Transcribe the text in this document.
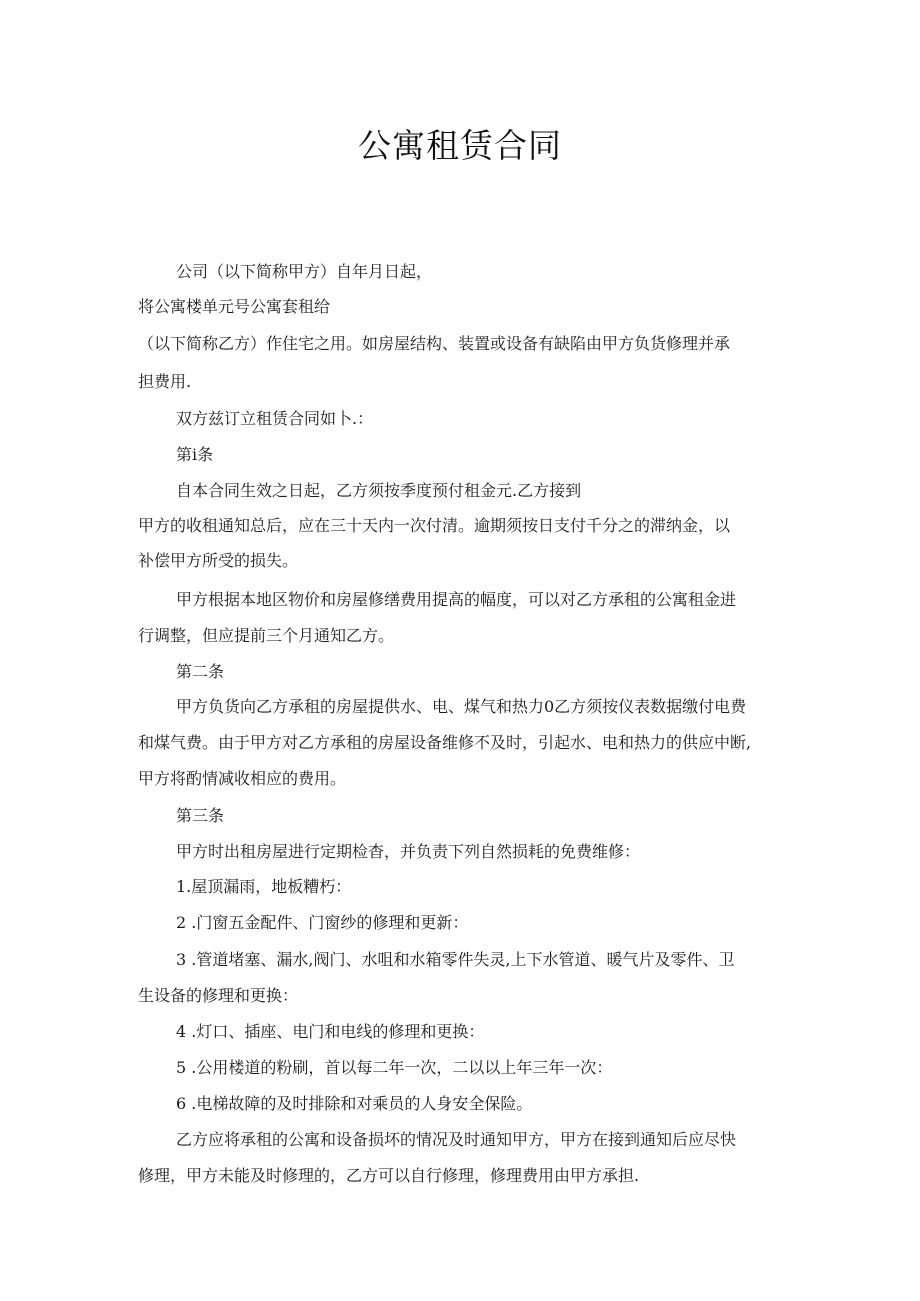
公寓租赁合同
公司（以下简称甲方）自年月日起，
将公寓楼单元号公寓套租给
（以下简称乙方）作住宅之用。如房屋结构、装置或设备有缺陷由甲方负货修理并承
担费用.
双方兹订立租赁合同如卜.：
第i条
自本合同生效之日起，乙方须按季度预付租金元.乙方接到
甲方的收租通知总后，应在三十天内一次付清。逾期须按日支付千分之的滞纳金，以
补偿甲方所受的损失。
甲方根据本地区物价和房屋修缮费用提高的幅度，可以对乙方承租的公寓租金进
行调整，但应提前三个月通知乙方。
第二条
甲方负货向乙方承租的房屋提供水、电、煤气和热力0乙方须按仪表数据缴付电费
和煤气费。由于甲方对乙方承租的房屋设备维修不及时，引起水、电和热力的供应中断,
甲方将酌情减收相应的费用。
第三条
甲方时出租房屋进行定期检杳，并负责下列自然损耗的免费维修：
1.屋顶漏雨，地板糟朽：
2 .门窗五金配件、门窗纱的修理和更新：
3 .管道堵塞、漏水,阀门、水咀和水箱零件失灵,上下水管道、暖气片及零件、卫
生设备的修理和更换：
4 .灯口、插座、电门和电线的修理和更换：
5 .公用楼道的粉刷，首以每二年一次，二以以上年三年一次：
6 .电梯故障的及时排除和对乘员的人身安全保险。
乙方应将承租的公寓和设备损坏的情况及时通知甲方，甲方在接到通知后应尽快
修理，甲方未能及时修理的，乙方可以自行修理，修理费用由甲方承担.
